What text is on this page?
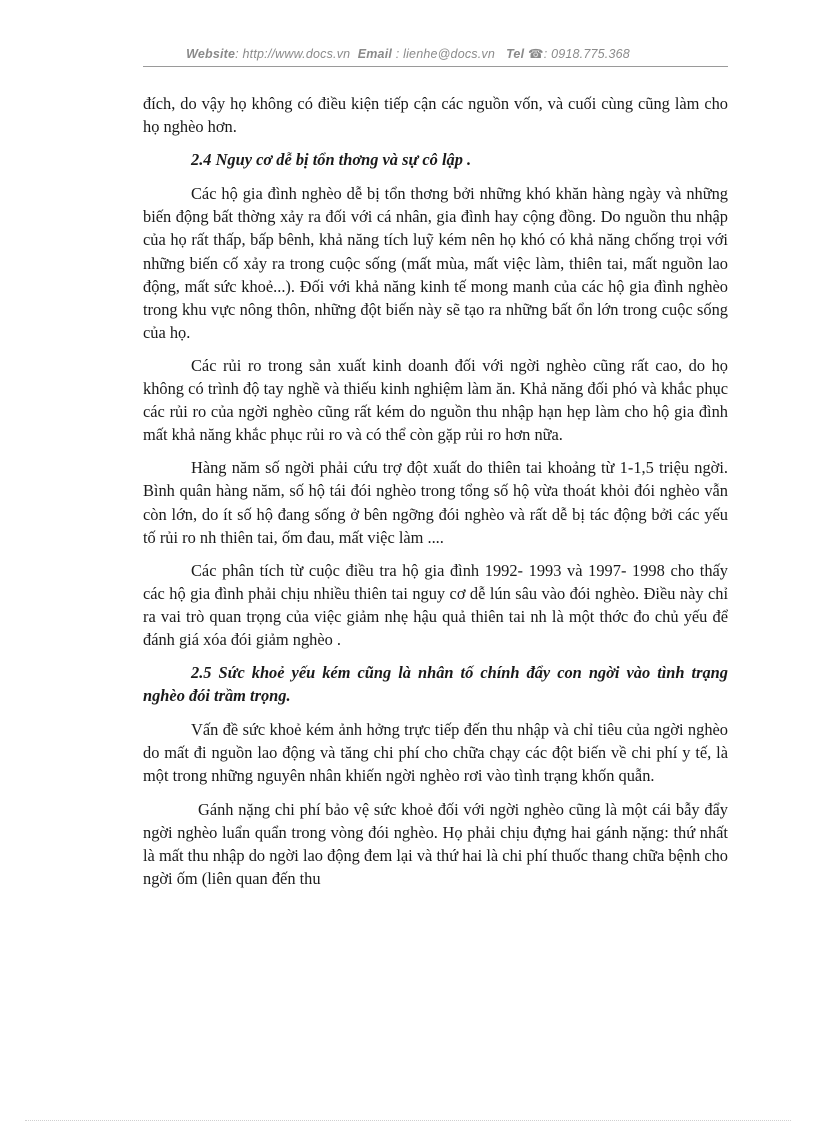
Website: http://www.docs.vn Email : lienhe@docs.vn Tel ☎: 0918.775.368

đích, do vậy họ không có điều kiện tiếp cận các nguồn vốn, và cuối cùng cũng làm cho họ nghèo hơn.

2.4 Nguy cơ dễ bị tổn thơng và sự cô lập .

Các hộ gia đình nghèo dễ bị tổn thơng bởi những khó khăn hàng ngày và những biến động bất thờng xảy ra đối với cá nhân, gia đình hay cộng đồng. Do nguồn thu nhập của họ rất thấp, bấp bênh, khả năng tích luỹ kém nên họ khó có khả năng chống trọi với những biến cố xảy ra trong cuộc sống (mất mùa, mất việc làm, thiên tai, mất nguồn lao động, mất sức khoẻ...). Đối với khả năng kinh tế mong manh của các hộ gia đình nghèo trong khu vực nông thôn, những đột biến này sẽ tạo ra những bất ổn lớn trong cuộc sống của họ.

Các rủi ro trong sản xuất kinh doanh đối với ngời nghèo cũng rất cao, do họ không có trình độ tay nghề và thiếu kinh nghiệm làm ăn. Khả năng đối phó và khắc phục các rủi ro của ngời nghèo cũng rất kém do nguồn thu nhập hạn hẹp làm cho hộ gia đình mất khả năng khắc phục rủi ro và có thể còn gặp rủi ro hơn nữa.

Hàng năm số ngời phải cứu trợ đột xuất do thiên tai khoảng từ 1-1,5 triệu ngời. Bình quân hàng năm, số hộ tái đói nghèo trong tổng số hộ vừa thoát khỏi đói nghèo vẫn còn lớn, do ít số hộ đang sống ở bên ngỡng đói nghèo và rất dễ bị tác động bởi các yếu tố rủi ro nh thiên tai, ốm đau, mất việc làm ....

Các phân tích từ cuộc điều tra hộ gia đình 1992- 1993 và 1997- 1998 cho thấy các hộ gia đình phải chịu nhiều thiên tai nguy cơ dễ lún sâu vào đói nghèo. Điều này chỉ ra vai trò quan trọng của việc giảm nhẹ hậu quả thiên tai nh là một thớc đo chủ yếu để đánh giá xóa đói giảm nghèo .

2.5 Sức khoẻ yếu kém cũng là nhân tố chính đẩy con ngời vào tình trạng nghèo đói trầm trọng.

Vấn đề sức khoẻ kém ảnh hởng trực tiếp đến thu nhập và chỉ tiêu của ngời nghèo do mất đi nguồn lao động và tăng chi phí cho chữa chạy các đột biến về chi phí y tế, là một trong những nguyên nhân khiến ngời nghèo rơi vào tình trạng khốn quẫn.

Gánh nặng chi phí bảo vệ sức khoẻ đối với ngời nghèo cũng là một cái bẫy đẩy ngời nghèo luẩn quẩn trong vòng đói nghèo. Họ phải chịu đựng hai gánh nặng: thứ nhất là mất thu nhập do ngời lao động đem lại và thứ hai là chi phí thuốc thang chữa bệnh cho ngời ốm (liên quan đến thu
